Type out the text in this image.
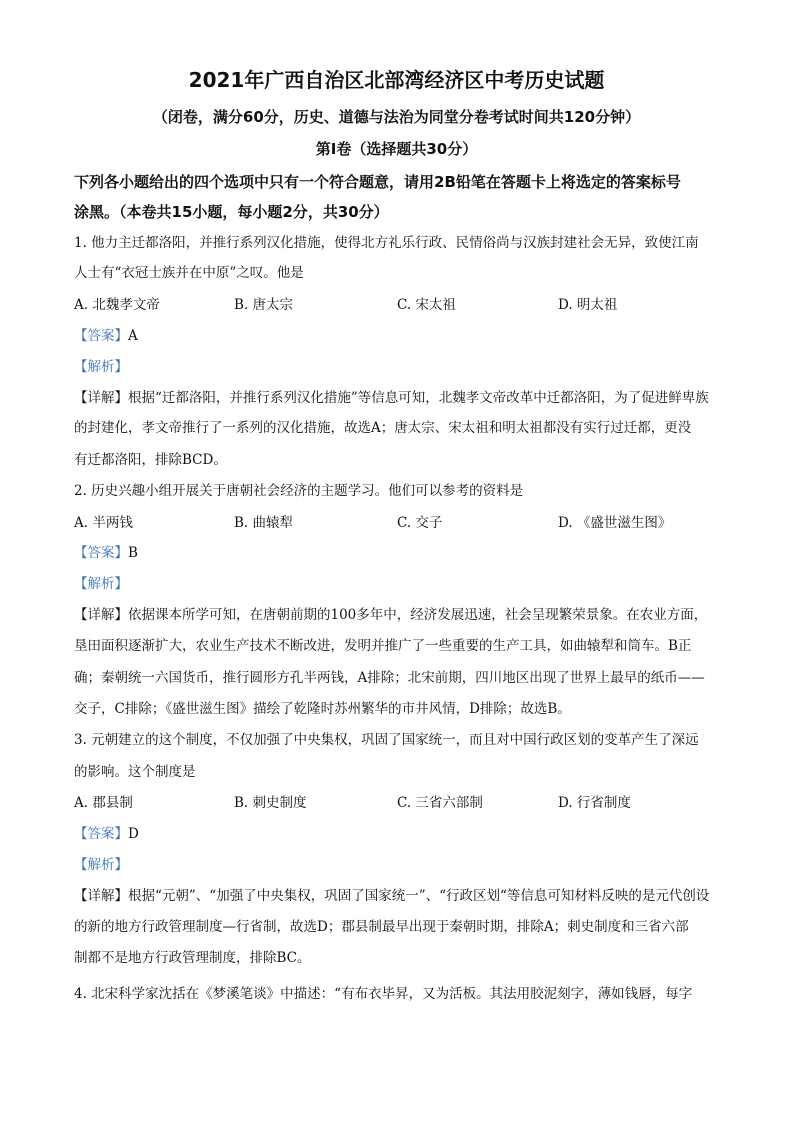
2021年广西自治区北部湾经济区中考历史试题
（闭卷，满分60分，历史、道德与法治为同堂分卷考试时间共120分钟）
第Ⅰ卷（选择题共30分）
下列各小题给出的四个选项中只有一个符合题意，请用2B铅笔在答题卡上将选定的答案标号
涂黑。（本卷共15小题，每小题2分，共30分）
1. 他力主迁都洛阳，并推行系列汉化措施，使得北方礼乐行政、民情俗尚与汉族封建社会无异，致使江南
人士有“衣冠士族并在中原”之叹。他是
A. 北魏孝文帝	B. 唐太宗	C. 宋太祖	D. 明太祖
【答案】A
【解析】
【详解】根据“迁都洛阳，并推行系列汉化措施”等信息可知，北魏孝文帝改革中迁都洛阳，为了促进鲜卑族
的封建化，孝文帝推行了一系列的汉化措施，故选A；唐太宗、宋太祖和明太祖都没有实行过迁都，更没
有迁都洛阳，排除BCD。
2. 历史兴趣小组开展关于唐朝社会经济的主题学习。他们可以参考的资料是
A. 半两钱	B. 曲辕犁	C. 交子	D. 《盛世滋生图》
【答案】B
【解析】
【详解】依据课本所学可知，在唐朝前期的100多年中，经济发展迅速，社会呈现繁荣景象。在农业方面，
垦田面积逐渐扩大，农业生产技术不断改进，发明并推广了一些重要的生产工具，如曲辕犁和筒车。B正
确；秦朝统一六国货币，推行圆形方孔半两钱，A排除；北宋前期，四川地区出现了世界上最早的纸币——
交子，C排除；《盛世滋生图》描绘了乾隆时苏州繁华的市井风情，D排除；故选B。
3. 元朝建立的这个制度，不仅加强了中央集权，巩固了国家统一，而且对中国行政区划的变革产生了深远
的影响。这个制度是
A. 郡县制	B. 刺史制度	C. 三省六部制	D. 行省制度
【答案】D
【解析】
【详解】根据“元朝”、“加强了中央集权，巩固了国家统一”、“行政区划“等信息可知材料反映的是元代创设
的新的地方行政管理制度—行省制，故选D；郡县制最早出现于秦朝时期，排除A；刺史制度和三省六部
制都不是地方行政管理制度，排除BC。
4. 北宋科学家沈括在《梦溪笔谈》中描述：“有布衣毕昇，又为活板。其法用胶泥刻字，薄如钱唇，每字
